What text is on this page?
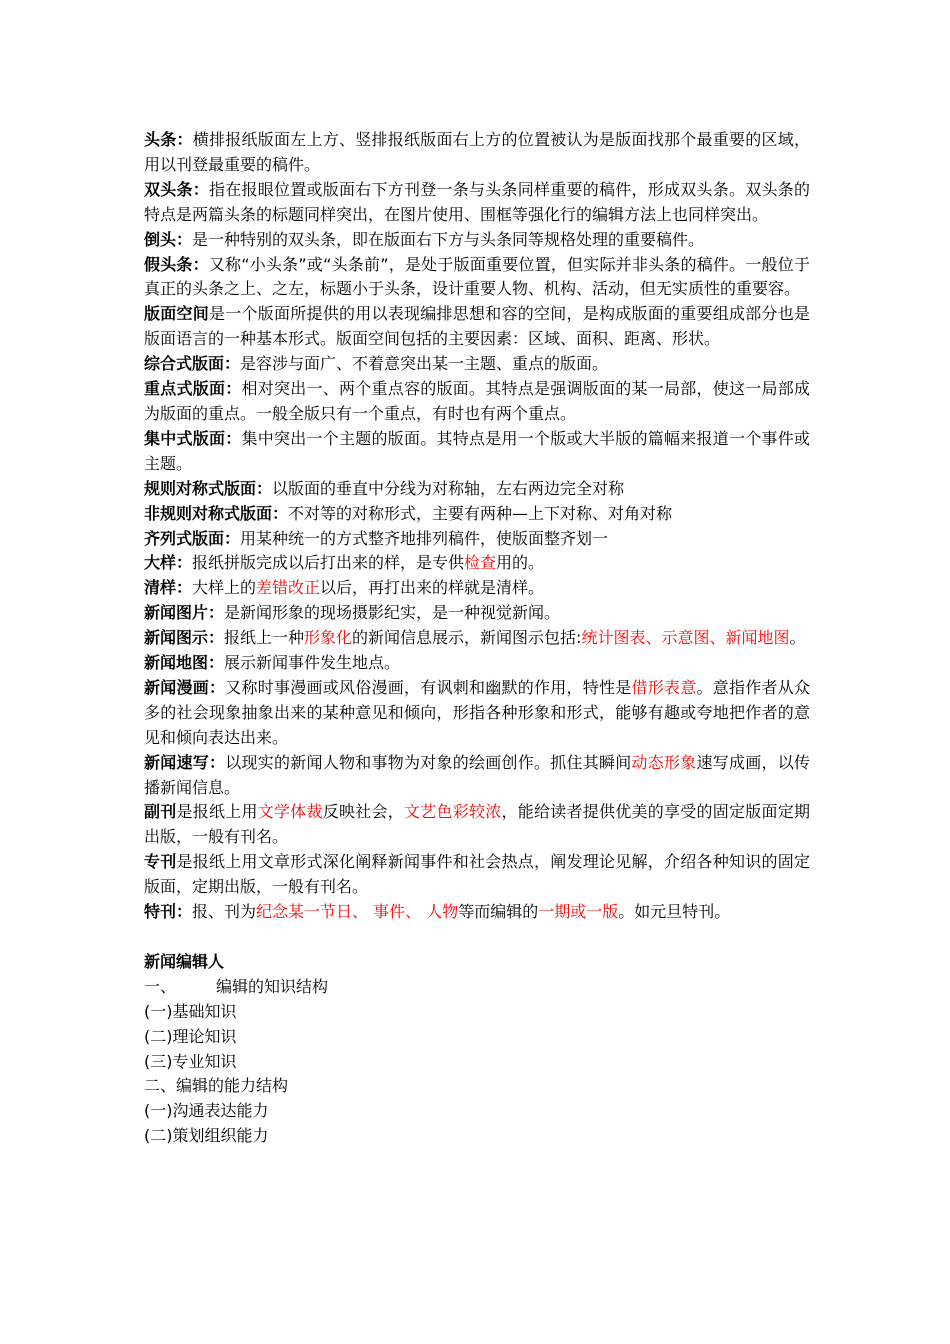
头条：横排报纸版面左上方、竖排报纸版面右上方的位置被认为是版面找那个最重要的区域，用以刊登最重要的稿件。

双头条：指在报眼位置或版面右下方刊登一条与头条同样重要的稿件，形成双头条。双头条的特点是两篇头条的标题同样突出，在图片使用、围框等强化行的编辑方法上也同样突出。

倒头：是一种特别的双头条，即在版面右下方与头条同等规格处理的重要稿件。

假头条：又称“小头条”或“头条前”，是处于版面重要位置，但实际并非头条的稿件。一般位于真正的头条之上、之左，标题小于头条，设计重要人物、机构、活动，但无实质性的重要容。

版面空间是一个版面所提供的用以表现编排思想和容的空间，是构成版面的重要组成部分也是版面语言的一种基本形式。版面空间包括的主要因素：区域、面积、距离、形状。

综合式版面：是容涉与面广、不着意突出某一主题、重点的版面。

重点式版面：相对突出一、两个重点容的版面。其特点是强调版面的某一局部，使这一局部成为版面的重点。一般全版只有一个重点，有时也有两个重点。

集中式版面：集中突出一个主题的版面。其特点是用一个版或大半版的篇幅来报道一个事件或主题。

规则对称式版面：以版面的垂直中分线为对称轴，左右两边完全对称

非规则对称式版面：不对等的对称形式，主要有两种—上下对称、对角对称

齐列式版面：用某种统一的方式整齐地排列稿件，使版面整齐划一

大样：报纸拼版完成以后打出来的样，是专供检查用的。

清样：大样上的差错改正以后，再打出来的样就是清样。

新闻图片：是新闻形象的现场摄影纪实，是一种视觉新闻。

新闻图示：报纸上一种形象化的新闻信息展示，新闻图示包括:统计图表、示意图、新闻地图。

新闻地图：展示新闻事件发生地点。

新闻漫画：又称时事漫画或风俗漫画，有讽刺和幽默的作用，特性是借形表意。意指作者从众多的社会现象抽象出来的某种意见和倾向，形指各种形象和形式，能够有趣或夸地把作者的意见和倾向表达出来。

新闻速写：以现实的新闻人物和事物为对象的绘画创作。抓住其瞬间动态形象速写成画，以传播新闻信息。

副刊是报纸上用文学体裁反映社会，文艺色彩较浓，能给读者提供优美的享受的固定版面定期出版，一般有刊名。

专刊是报纸上用文章形式深化阐释新闻事件和社会热点，阐发理论见解，介绍各种知识的固定版面，定期出版，一般有刊名。

特刊：报、刊为纪念某一节日、 事件、 人物等而编辑的一期或一版。如元旦特刊。

新闻编辑人

一、	编辑的知识结构

(一)基础知识

(二)理论知识

(三)专业知识

二、编辑的能力结构

(一)沟通表达能力

(二)策划组织能力
